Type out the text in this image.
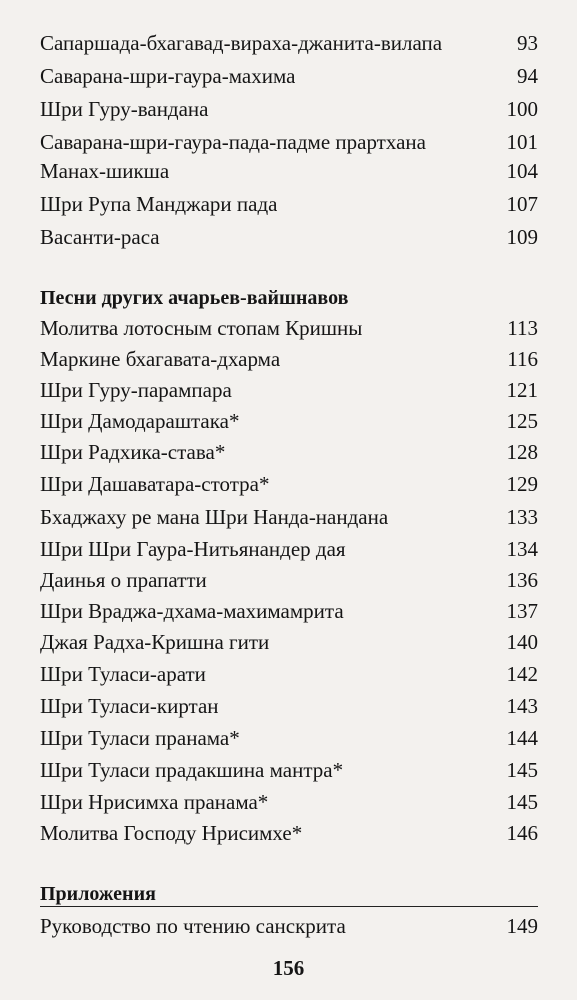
Сапаршада-бхагавад-вираха-джанита-вилапа	93
Саварана-шри-гаура-махима	94
Шри Гуру-вандана	100
Саварана-шри-гаура-пада-падме прартхана	101
Манах-шикша	104
Шри Рупа Манджари пада	107
Васанти-раса	109
Песни других ачарьев-вайшнавов
Молитва лотосным стопам Кришны	113
Маркине бхагавата-дхарма	116
Шри Гуру-парампара	121
Шри Дамодараштака*	125
Шри Радхика-става*	128
Шри Дашаватара-стотра*	129
Бхаджаху ре мана Шри Нанда-нандана	133
Шри Шри Гаура-Нитьянандер дая	134
Даинья о прапатти	136
Шри Враджа-дхама-махимамрита	137
Джая Радха-Кришна гити	140
Шри Туласи-арати	142
Шри Туласи-киртан	143
Шри Туласи пранама*	144
Шри Туласи прадакшина мантра*	145
Шри Нрисимха пранама*	145
Молитва Господу Нрисимхе*	146
Приложения
Руководство по чтению санскрита	149
156
